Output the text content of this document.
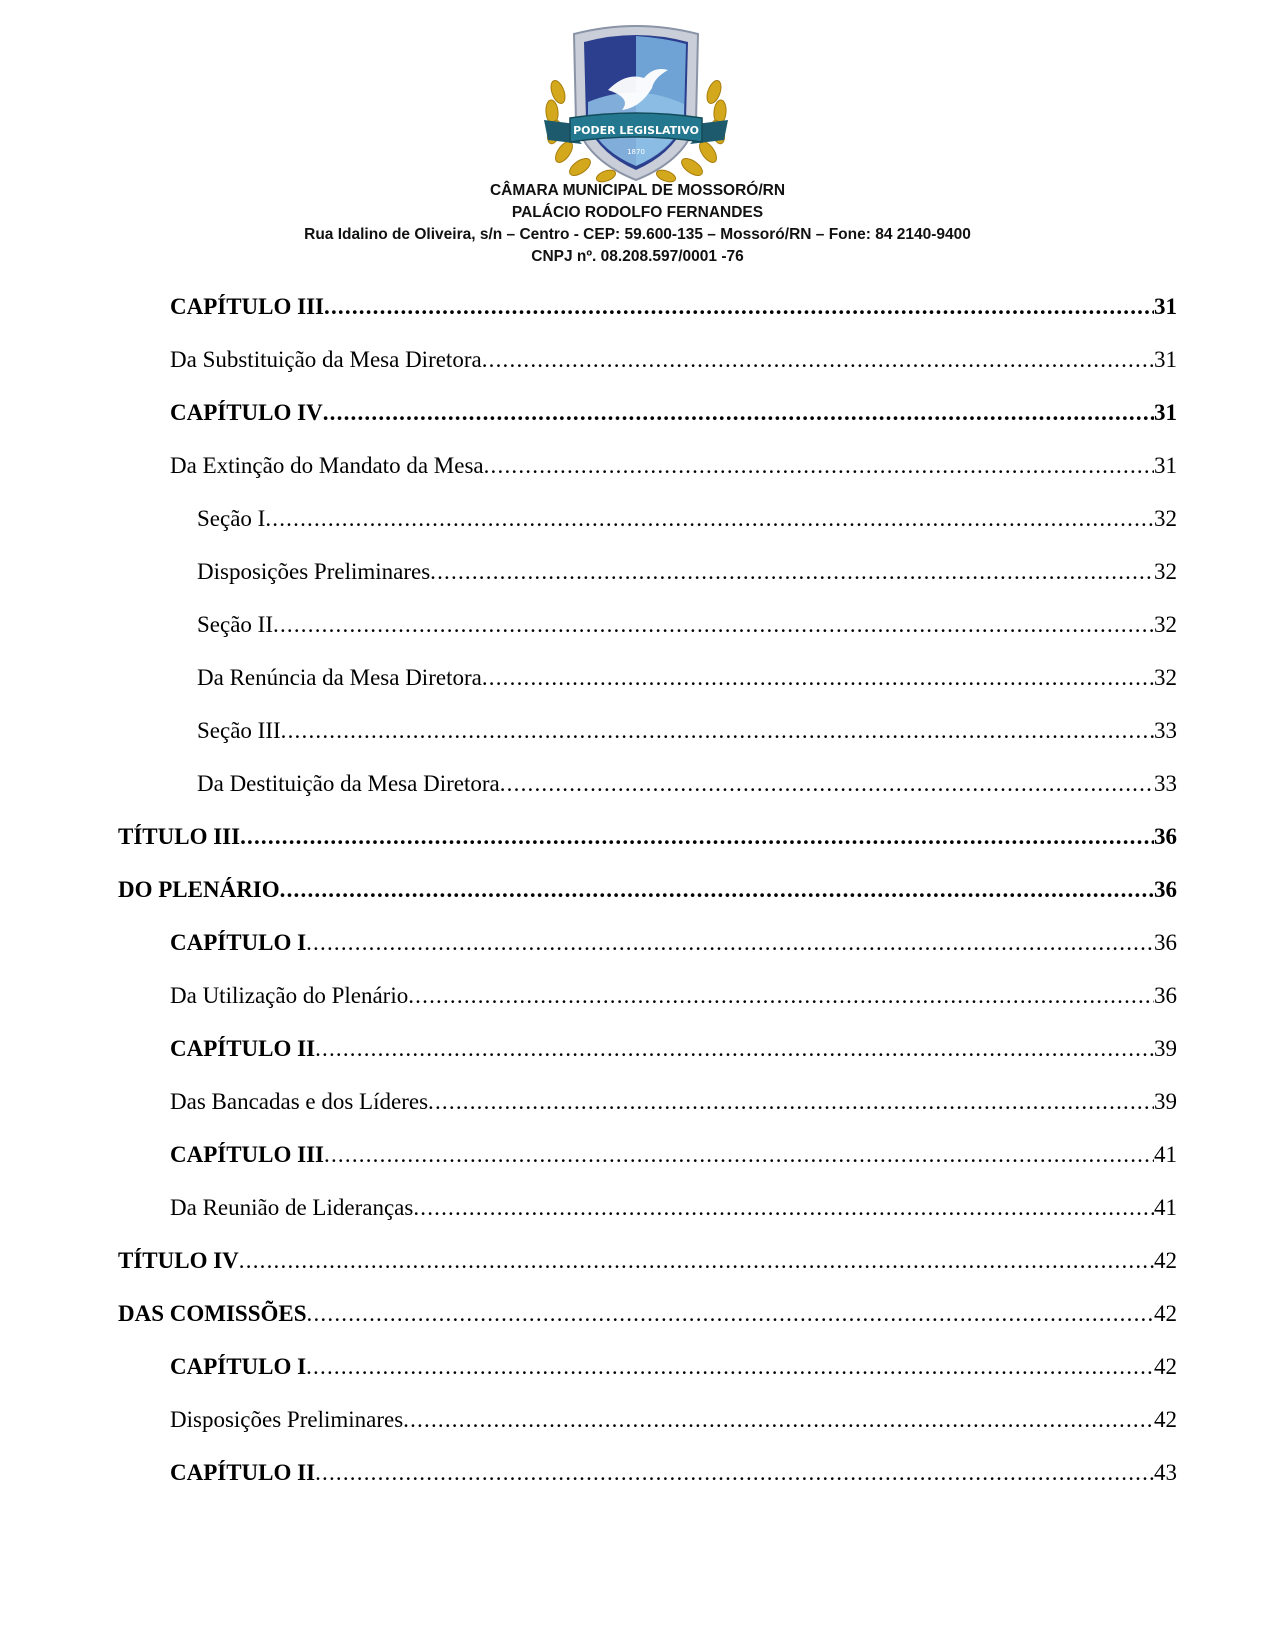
PODER LEGISLATIVO
1870
CÂMARA MUNICIPAL DE MOSSORÓ/RN
PALÁCIO RODOLFO FERNANDES
Rua Idalino de Oliveira, s/n – Centro - CEP: 59.600-135 – Mossoró/RN – Fone: 84 2140-9400
CNPJ nº. 08.208.597/0001 -76
CAPÍTULO III .....	31
Da Substituição da Mesa Diretora .....	31
CAPÍTULO IV .....	31
Da Extinção do Mandato da Mesa .....	31
Seção I .....	32
Disposições Preliminares .....	32
Seção II .....	32
Da Renúncia da Mesa Diretora .....	32
Seção III .....	33
Da Destituição da Mesa Diretora .....	33
TÍTULO III .....	36
DO PLENÁRIO .....	36
CAPÍTULO I .....	36
Da Utilização do Plenário .....	36
CAPÍTULO II .....	39
Das Bancadas e dos Líderes .....	39
CAPÍTULO III .....	41
Da Reunião de Lideranças .....	41
TÍTULO IV .....	42
DAS COMISSÕES .....	42
CAPÍTULO I .....	42
Disposições Preliminares .....	42
CAPÍTULO II .....	43
